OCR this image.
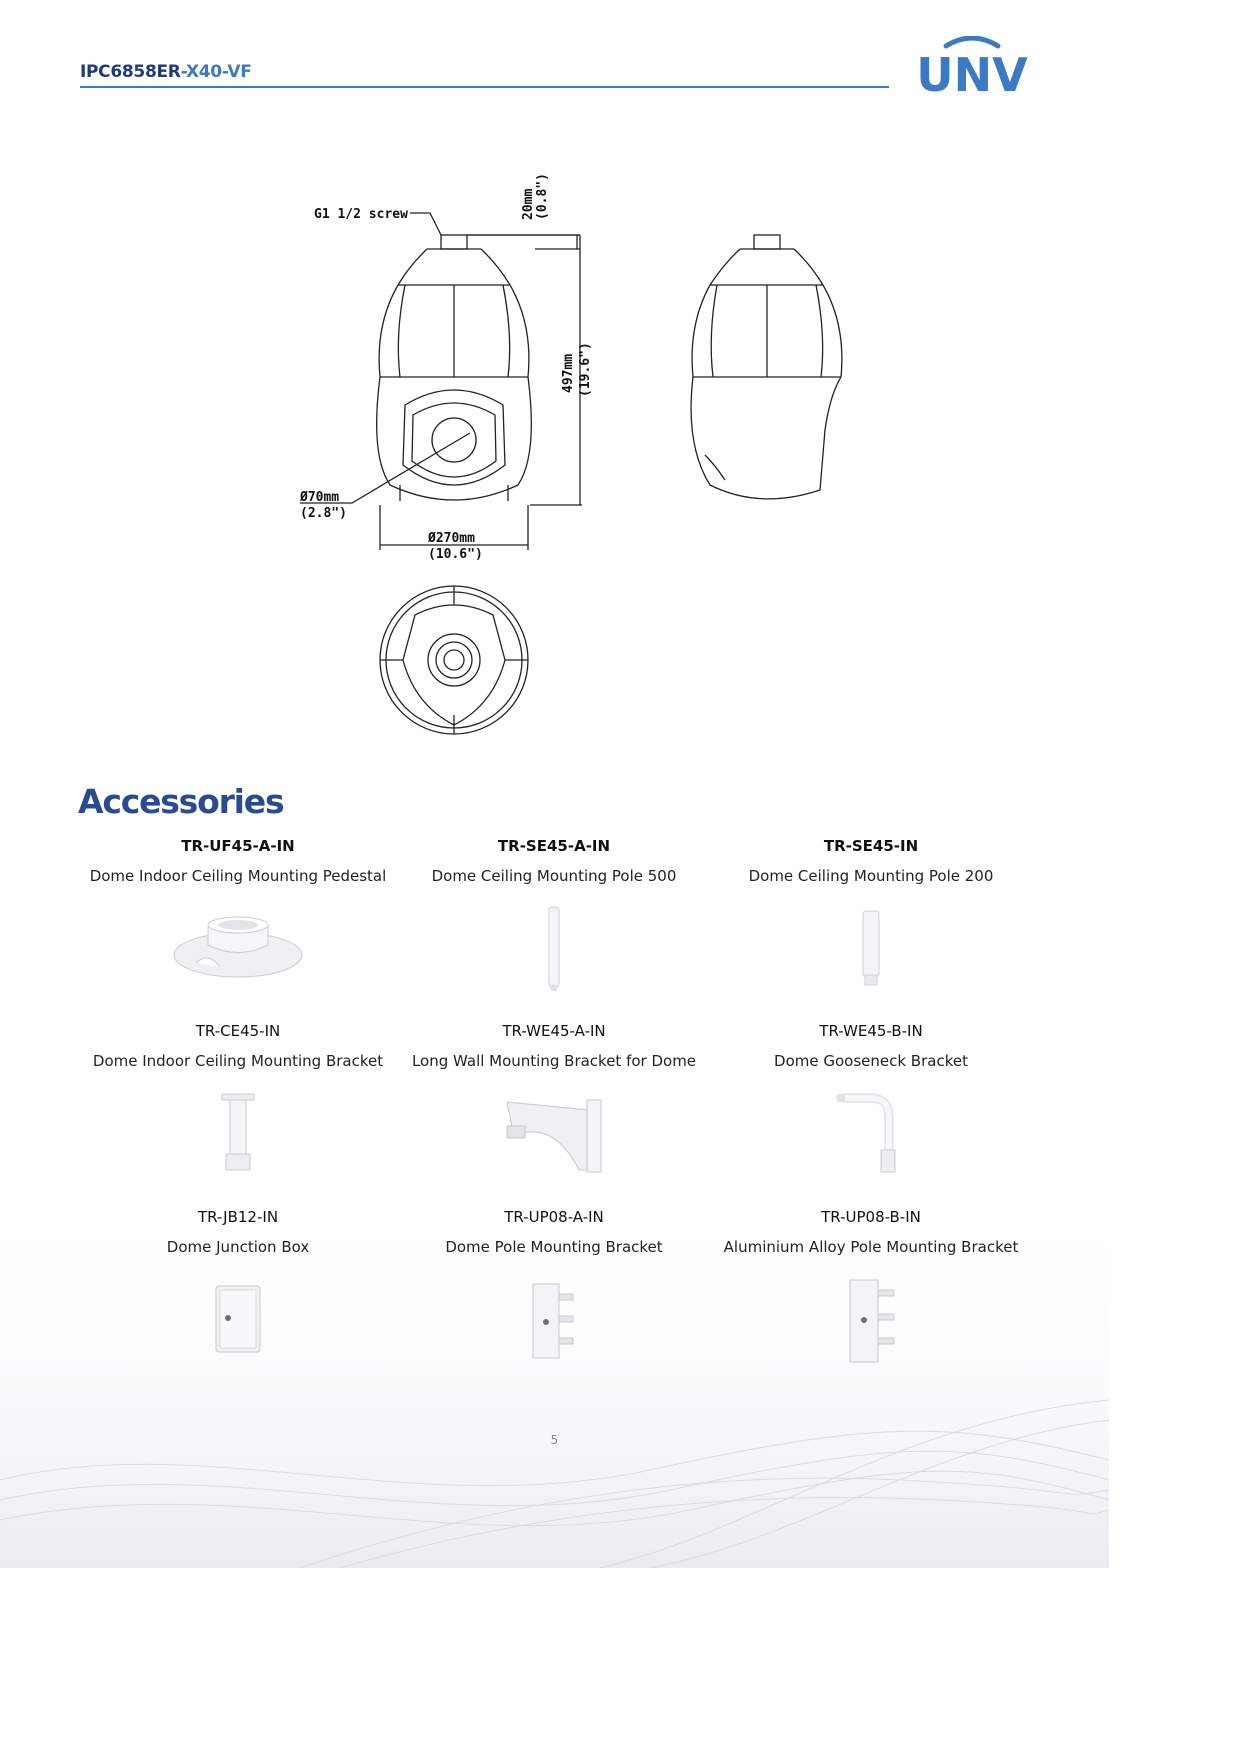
IPC6858ER-X40-VF	UNV
G1 1/2 screw	20mm (0.8")
497mm (19.6")
Ø70mm
(2.8")
Ø270mm
(10.6")
Accessories
TR-UF45-A-IN
Dome Indoor Ceiling Mounting Pedestal
TR-SE45-A-IN
Dome Ceiling Mounting Pole 500
TR-SE45-IN
Dome Ceiling Mounting Pole 200
TR-CE45-IN
Dome Indoor Ceiling Mounting Bracket
TR-WE45-A-IN
Long Wall Mounting Bracket for Dome
TR-WE45-B-IN
Dome Gooseneck Bracket
TR-JB12-IN
Dome Junction Box
TR-UP08-A-IN
Dome Pole Mounting Bracket
TR-UP08-B-IN
Aluminium Alloy Pole Mounting Bracket
5
